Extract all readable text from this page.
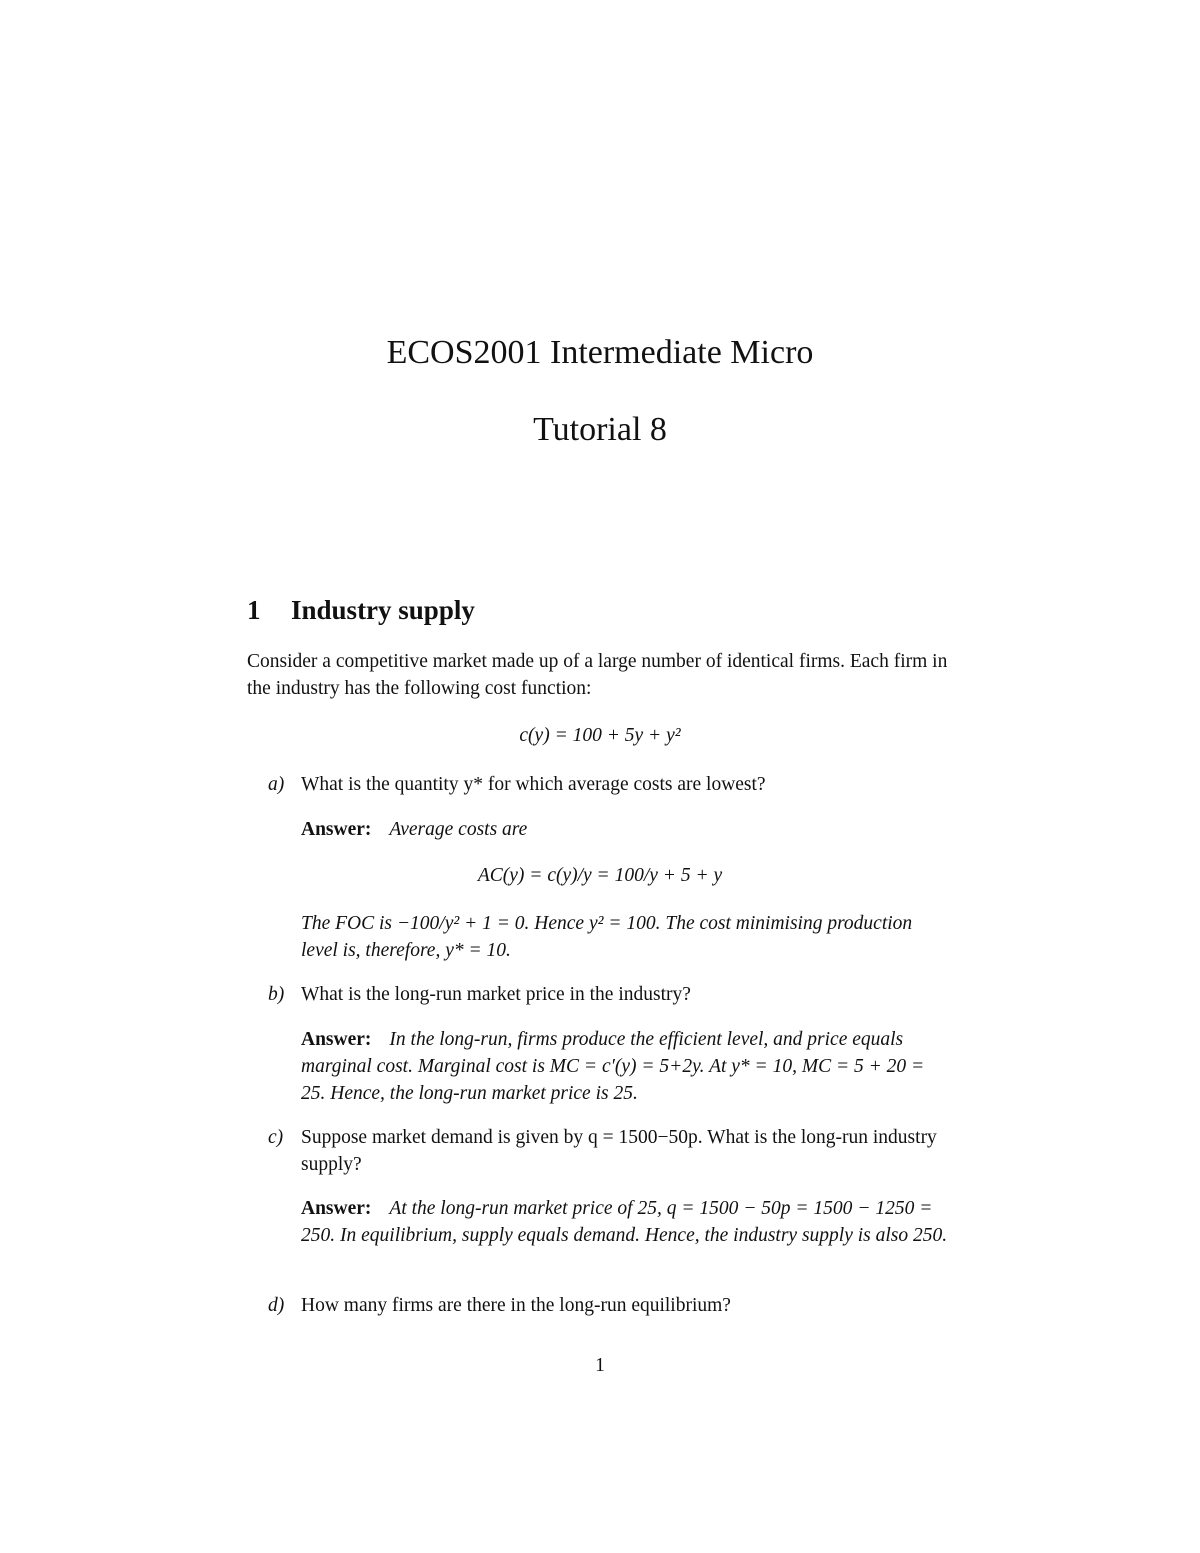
ECOS2001 Intermediate Micro
Tutorial 8
1 Industry supply

Consider a competitive market made up of a large number of identical firms. Each firm in the industry has the following cost function:

c(y) = 100 + 5y + y²
a) What is the quantity y* for which average costs are lowest?
Answer: Average costs are
AC(y) = c(y)/y = 100/y + 5 + y
The FOC is −100/y² + 1 = 0. Hence y² = 100. The cost minimising production level is, therefore, y* = 10.
b) What is the long-run market price in the industry?
Answer: In the long-run, firms produce the efficient level, and price equals marginal cost. Marginal cost is MC = c′(y) = 5+2y. At y* = 10, MC = 5 + 20 = 25. Hence, the long-run market price is 25.
c) Suppose market demand is given by q = 1500−50p. What is the long-run industry supply?
Answer: At the long-run market price of 25, q = 1500 − 50p = 1500 − 1250 = 250. In equilibrium, supply equals demand. Hence, the industry supply is also 250.
d) How many firms are there in the long-run equilibrium?
1
